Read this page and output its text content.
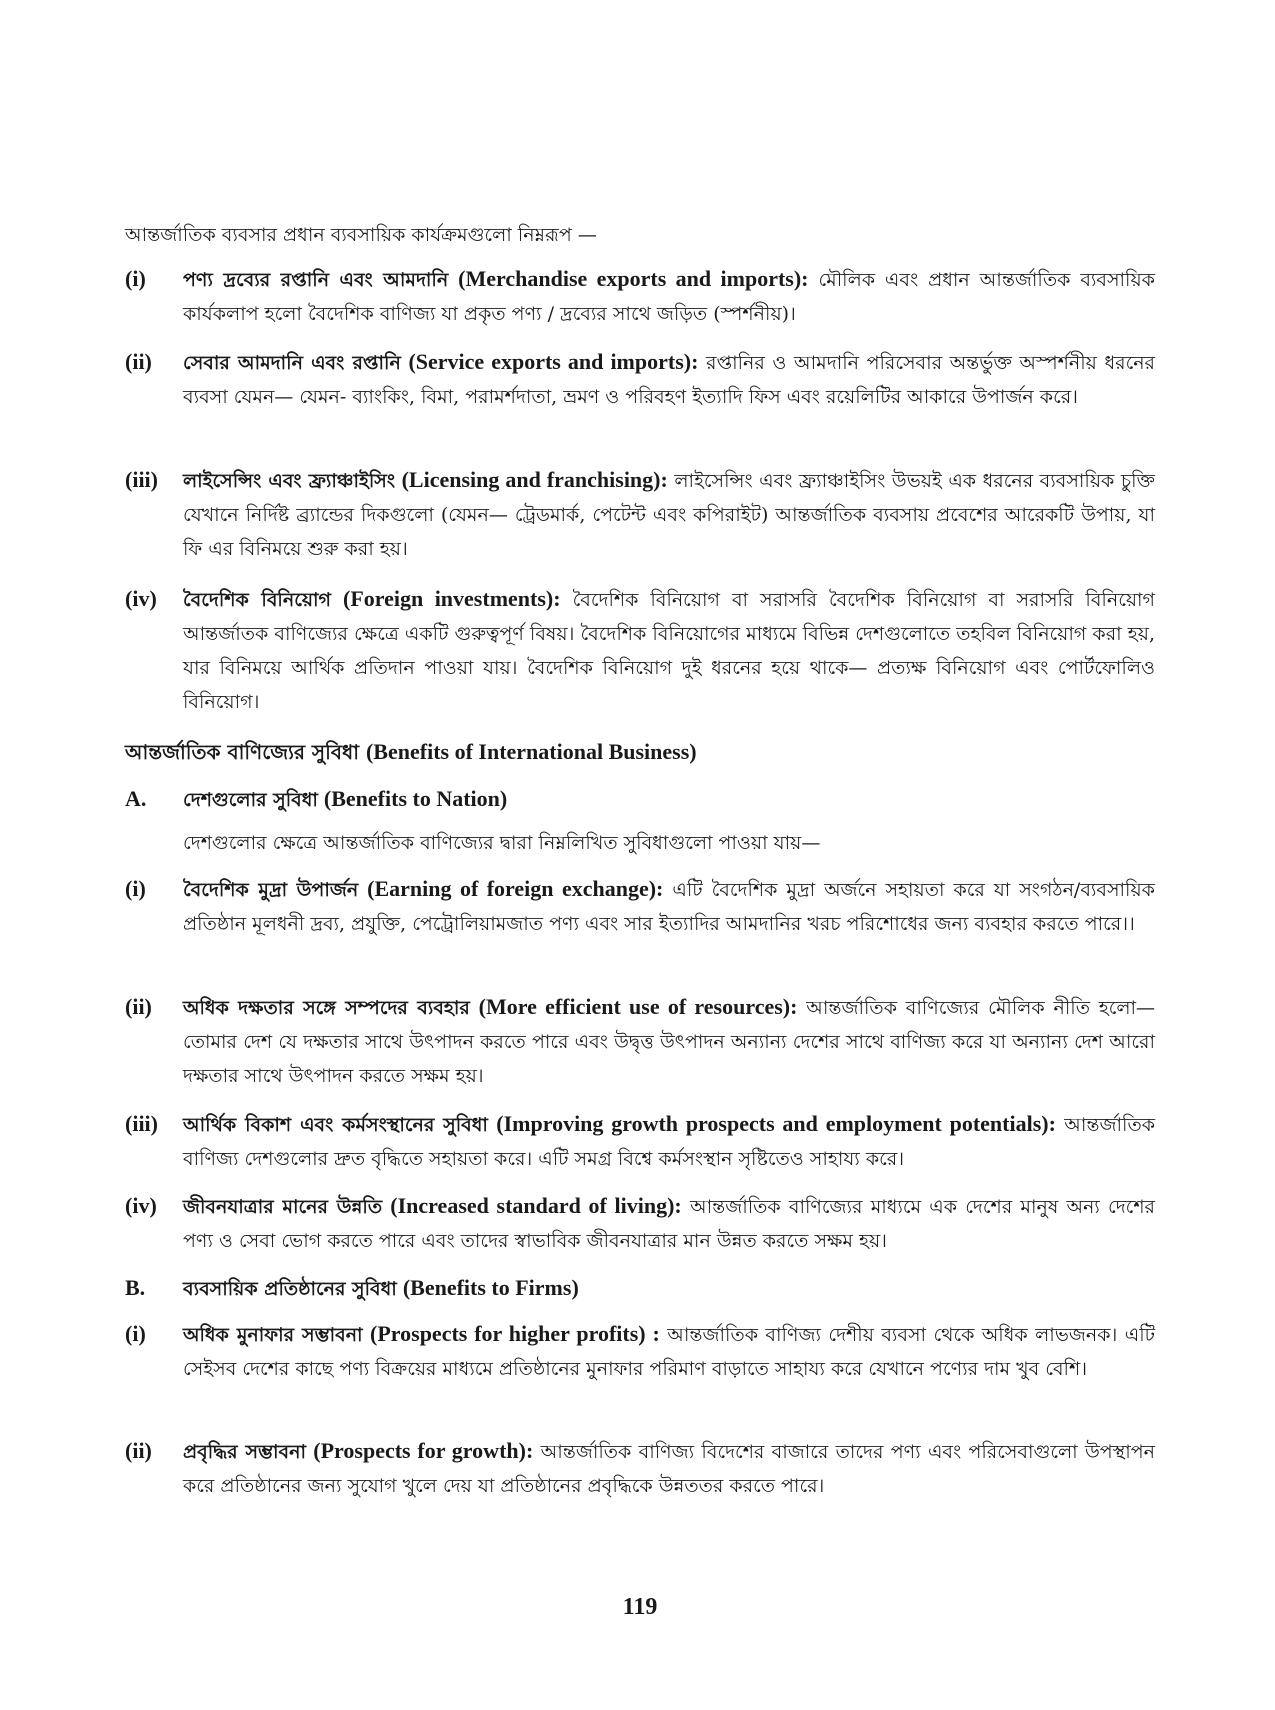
আন্তর্জাতিক ব্যবসার প্রধান ব্যবসায়িক কার্যক্রমগুলো নিম্নরূপ —
(i)	পণ্য দ্রব্যের রপ্তানি এবং আমদানি (Merchandise exports and imports): মৌলিক এবং প্রধান আন্তর্জাতিক ব্যবসায়িক কার্যকলাপ হলো বৈদেশিক বাণিজ্য যা প্রকৃত পণ্য / দ্রব্যের সাথে জড়িত (স্পর্শনীয়)।
(ii)	সেবার আমদানি এবং রপ্তানি (Service exports and imports): রপ্তানির ও আমদানি পরিসেবার অন্তর্ভুক্ত অস্পর্শনীয় ধরনের ব্যবসা যেমন— যেমন- ব্যাংকিং, বিমা, পরামর্শদাতা, ভ্রমণ ও পরিবহণ ইত্যাদি ফিস এবং রয়েলিটির আকারে উপার্জন করে।
(iii)	লাইসেন্সিং এবং ফ্র্যাঞ্চাইসিং (Licensing and franchising): লাইসেন্সিং এবং ফ্র্যাঞ্চাইসিং উভয়ই এক ধরনের ব্যবসায়িক চুক্তি যেখানে নির্দিষ্ট ব্র্যান্ডের দিকগুলো (যেমন— ট্রেডমার্ক, পেটেন্ট এবং কপিরাইট) আন্তর্জাতিক ব্যবসায় প্রবেশের আরেকটি উপায়, যা ফি এর বিনিময়ে শুরু করা হয়।
(iv)	বৈদেশিক বিনিয়োগ (Foreign investments): বৈদেশিক বিনিয়োগ বা সরাসরি বৈদেশিক বিনিয়োগ বা সরাসরি বিনিয়োগ আন্তর্জাতক বাণিজ্যের ক্ষেত্রে একটি গুরুত্বপূর্ণ বিষয়। বৈদেশিক বিনিয়োগের মাধ্যমে বিভিন্ন দেশগুলোতে তহবিল বিনিয়োগ করা হয়, যার বিনিময়ে আর্থিক প্রতিদান পাওয়া যায়। বৈদেশিক বিনিয়োগ দুই ধরনের হয়ে থাকে— প্রত্যক্ষ বিনিয়োগ এবং পোর্টফোলিও বিনিয়োগ।
আন্তর্জাতিক বাণিজ্যের সুবিধা (Benefits of International Business)
A.	দেশগুলোর সুবিধা (Benefits to Nation)
দেশগুলোর ক্ষেত্রে আন্তর্জাতিক বাণিজ্যের দ্বারা নিম্নলিখিত সুবিধাগুলো পাওয়া যায়—
(i)	বৈদেশিক মুদ্রা উপার্জন (Earning of foreign exchange): এটি বৈদেশিক মুদ্রা অর্জনে সহায়তা করে যা সংগঠন/ব্যবসায়িক প্রতিষ্ঠান মূলধনী দ্রব্য, প্রযুক্তি, পেট্রোলিয়ামজাত পণ্য এবং সার ইত্যাদির আমদানির খরচ পরিশোধের জন্য ব্যবহার করতে পারে।।
(ii)	অধিক দক্ষতার সঙ্গে সম্পদের ব্যবহার (More efficient use of resources): আন্তর্জাতিক বাণিজ্যের মৌলিক নীতি হলো— তোমার দেশ যে দক্ষতার সাথে উৎপাদন করতে পারে এবং উদ্বৃত্ত উৎপাদন অন্যান্য দেশের সাথে বাণিজ্য করে যা অন্যান্য দেশ আরো দক্ষতার সাথে উৎপাদন করতে সক্ষম হয়।
(iii)	আর্থিক বিকাশ এবং কর্মসংস্থানের সুবিধা (Improving growth prospects and employment potentials): আন্তর্জাতিক বাণিজ্য দেশগুলোর দ্রুত বৃদ্ধিতে সহায়তা করে। এটি সমগ্র বিশ্বে কর্মসংস্থান সৃষ্টিতেও সাহায্য করে।
(iv)	জীবনযাত্রার মানের উন্নতি (Increased standard of living): আন্তর্জাতিক বাণিজ্যের মাধ্যমে এক দেশের মানুষ অন্য দেশের পণ্য ও সেবা ভোগ করতে পারে এবং তাদের স্বাভাবিক জীবনযাত্রার মান উন্নত করতে সক্ষম হয়।
B.	ব্যবসায়িক প্রতিষ্ঠানের সুবিধা (Benefits to Firms)
(i)	অধিক মুনাফার সম্ভাবনা (Prospects for higher profits) : আন্তর্জাতিক বাণিজ্য দেশীয় ব্যবসা থেকে অধিক লাভজনক। এটি সেইসব দেশের কাছে পণ্য বিক্রয়ের মাধ্যমে প্রতিষ্ঠানের মুনাফার পরিমাণ বাড়াতে সাহায্য করে যেখানে পণ্যের দাম খুব বেশি।
(ii)	প্রবৃদ্ধির সম্ভাবনা (Prospects for growth): আন্তর্জাতিক বাণিজ্য বিদেশের বাজারে তাদের পণ্য এবং পরিসেবাগুলো উপস্থাপন করে প্রতিষ্ঠানের জন্য সুযোগ খুলে দেয় যা প্রতিষ্ঠানের প্রবৃদ্ধিকে উন্নততর করতে পারে।
119
